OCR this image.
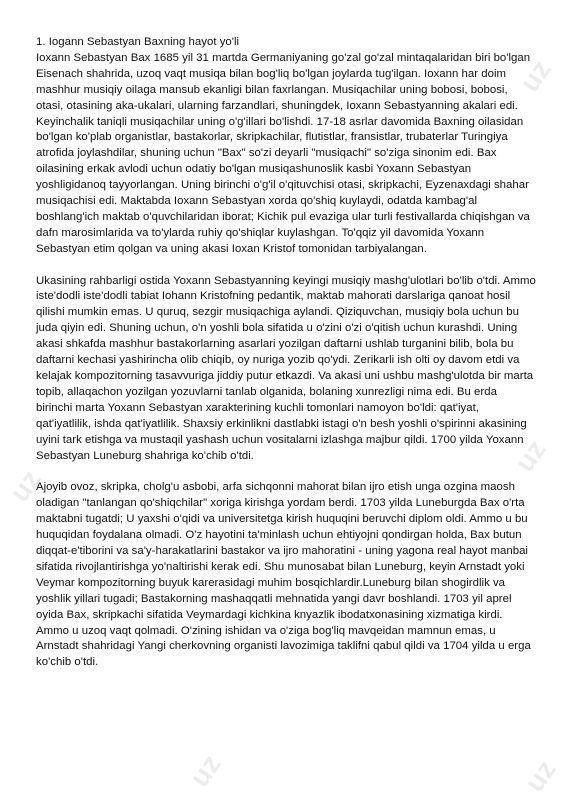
uz
uz
uz
uz	uz

1. Iogann Sebastyan Baxning hayot yo'li

Ioxann Sebastyan Bax 1685 yil 31 martda Germaniyaning go'zal go'zal mintaqalaridan biri bo'lgan Eisenach shahrida, uzoq vaqt musiqa bilan bog'liq bo'lgan joylarda tug'ilgan. Ioxann har doim mashhur musiqiy oilaga mansub ekanligi bilan faxrlangan. Musiqachilar uning bobosi, bobosi, otasi, otasining aka-ukalari, ularning farzandlari, shuningdek, Ioxann Sebastyanning akalari edi. Keyinchalik taniqli musiqachilar uning o'g'illari bo'lishdi. 17-18 asrlar davomida Baxning oilasidan bo'lgan ko'plab organistlar, bastakorlar, skripkachilar, flutistlar, fransistlar, trubaterlar Turingiya atrofida joylashdilar, shuning uchun "Bax" so'zi deyarli "musiqachi" so'ziga sinonim edi. Bax oilasining erkak avlodi uchun odatiy bo'lgan musiqashunoslik kasbi Yoxann Sebastyan yoshligidanoq tayyorlangan. Uning birinchi o'g'il o'qituvchisi otasi, skripkachi, Eyzenaxdagi shahar musiqachisi edi. Maktabda Ioxann Sebastyan xorda qo'shiq kuylaydi, odatda kambag'al boshlang'ich maktab o'quvchilaridan iborat; Kichik pul evaziga ular turli festivallarda chiqishgan va dafn marosimlarida va to'ylarda ruhiy qo'shiqlar kuylashgan. To'qqiz yil davomida Yoxann Sebastyan etim qolgan va uning akasi Ioxan Kristof tomonidan tarbiyalangan.

Ukasining rahbarligi ostida Yoxann Sebastyanning keyingi musiqiy mashg'ulotlari bo'lib o'tdi. Ammo iste'dodli iste'dodli tabiat Iohann Kristofning pedantik, maktab mahorati darslariga qanoat hosil qilishi mumkin emas. U quruq, sezgir musiqachiga aylandi. Qiziquvchan, musiqiy bola uchun bu juda qiyin edi. Shuning uchun, o'n yoshli bola sifatida u o'zini o'zi o'qitish uchun kurashdi. Uning akasi shkafda mashhur bastakorlarning asarlari yozilgan daftarni ushlab turganini bilib, bola bu daftarni kechasi yashirincha olib chiqib, oy nuriga yozib qo'ydi. Zerikarli ish olti oy davom etdi va kelajak kompozitorning tasavvuriga jiddiy putur etkazdi. Va akasi uni ushbu mashg'ulotda bir marta topib, allaqachon yozilgan yozuvlarni tanlab olganida, bolaning xunrezligi nima edi. Bu erda birinchi marta Yoxann Sebastyan xarakterining kuchli tomonlari namoyon bo'ldi: qat'iyat, qat'iyatlilik, ishda qat'iyatlilik. Shaxsiy erkinlikni dastlabki istagi o'n besh yoshli o'spirinni akasining uyini tark etishga va mustaqil yashash uchun vositalarni izlashga majbur qildi. 1700 yilda Yoxann Sebastyan Luneburg shahriga ko'chib o'tdi.

Ajoyib ovoz, skripka, cholg'u asbobi, arfa sichqonni mahorat bilan ijro etish unga ozgina maosh oladigan "tanlangan qo'shiqchilar" xoriga kirishga yordam berdi. 1703 yilda Luneburgda Bax o'rta maktabni tugatdi; U yaxshi o'qidi va universitetga kirish huquqini beruvchi diplom oldi. Ammo u bu huquqidan foydalana olmadi. O'z hayotini ta'minlash uchun ehtiyojni qondirgan holda, Bax butun diqqat-e'tiborini va sa'y-harakatlarini bastakor va ijro mahoratini - uning yagona real hayot manbai sifatida rivojlantirishga yo'naltirishi kerak edi. Shu munosabat bilan Luneburg, keyin Arnstadt yoki Veymar kompozitorning buyuk karerasidagi muhim bosqichlardir.Luneburg bilan shogirdlik va yoshlik yillari tugadi; Bastakorning mashaqqatli mehnatida yangi davr boshlandi. 1703 yil aprel oyida Bax, skripkachi sifatida Veymardagi kichkina knyazlik ibodatxonasining xizmatiga kirdi. Ammo u uzoq vaqt qolmadi. O'zining ishidan va o'ziga bog'liq mavqeidan mamnun emas, u Arnstadt shahridagi Yangi cherkovning organisti lavozimiga taklifni qabul qildi va 1704 yilda u erga ko'chib o'tdi.
